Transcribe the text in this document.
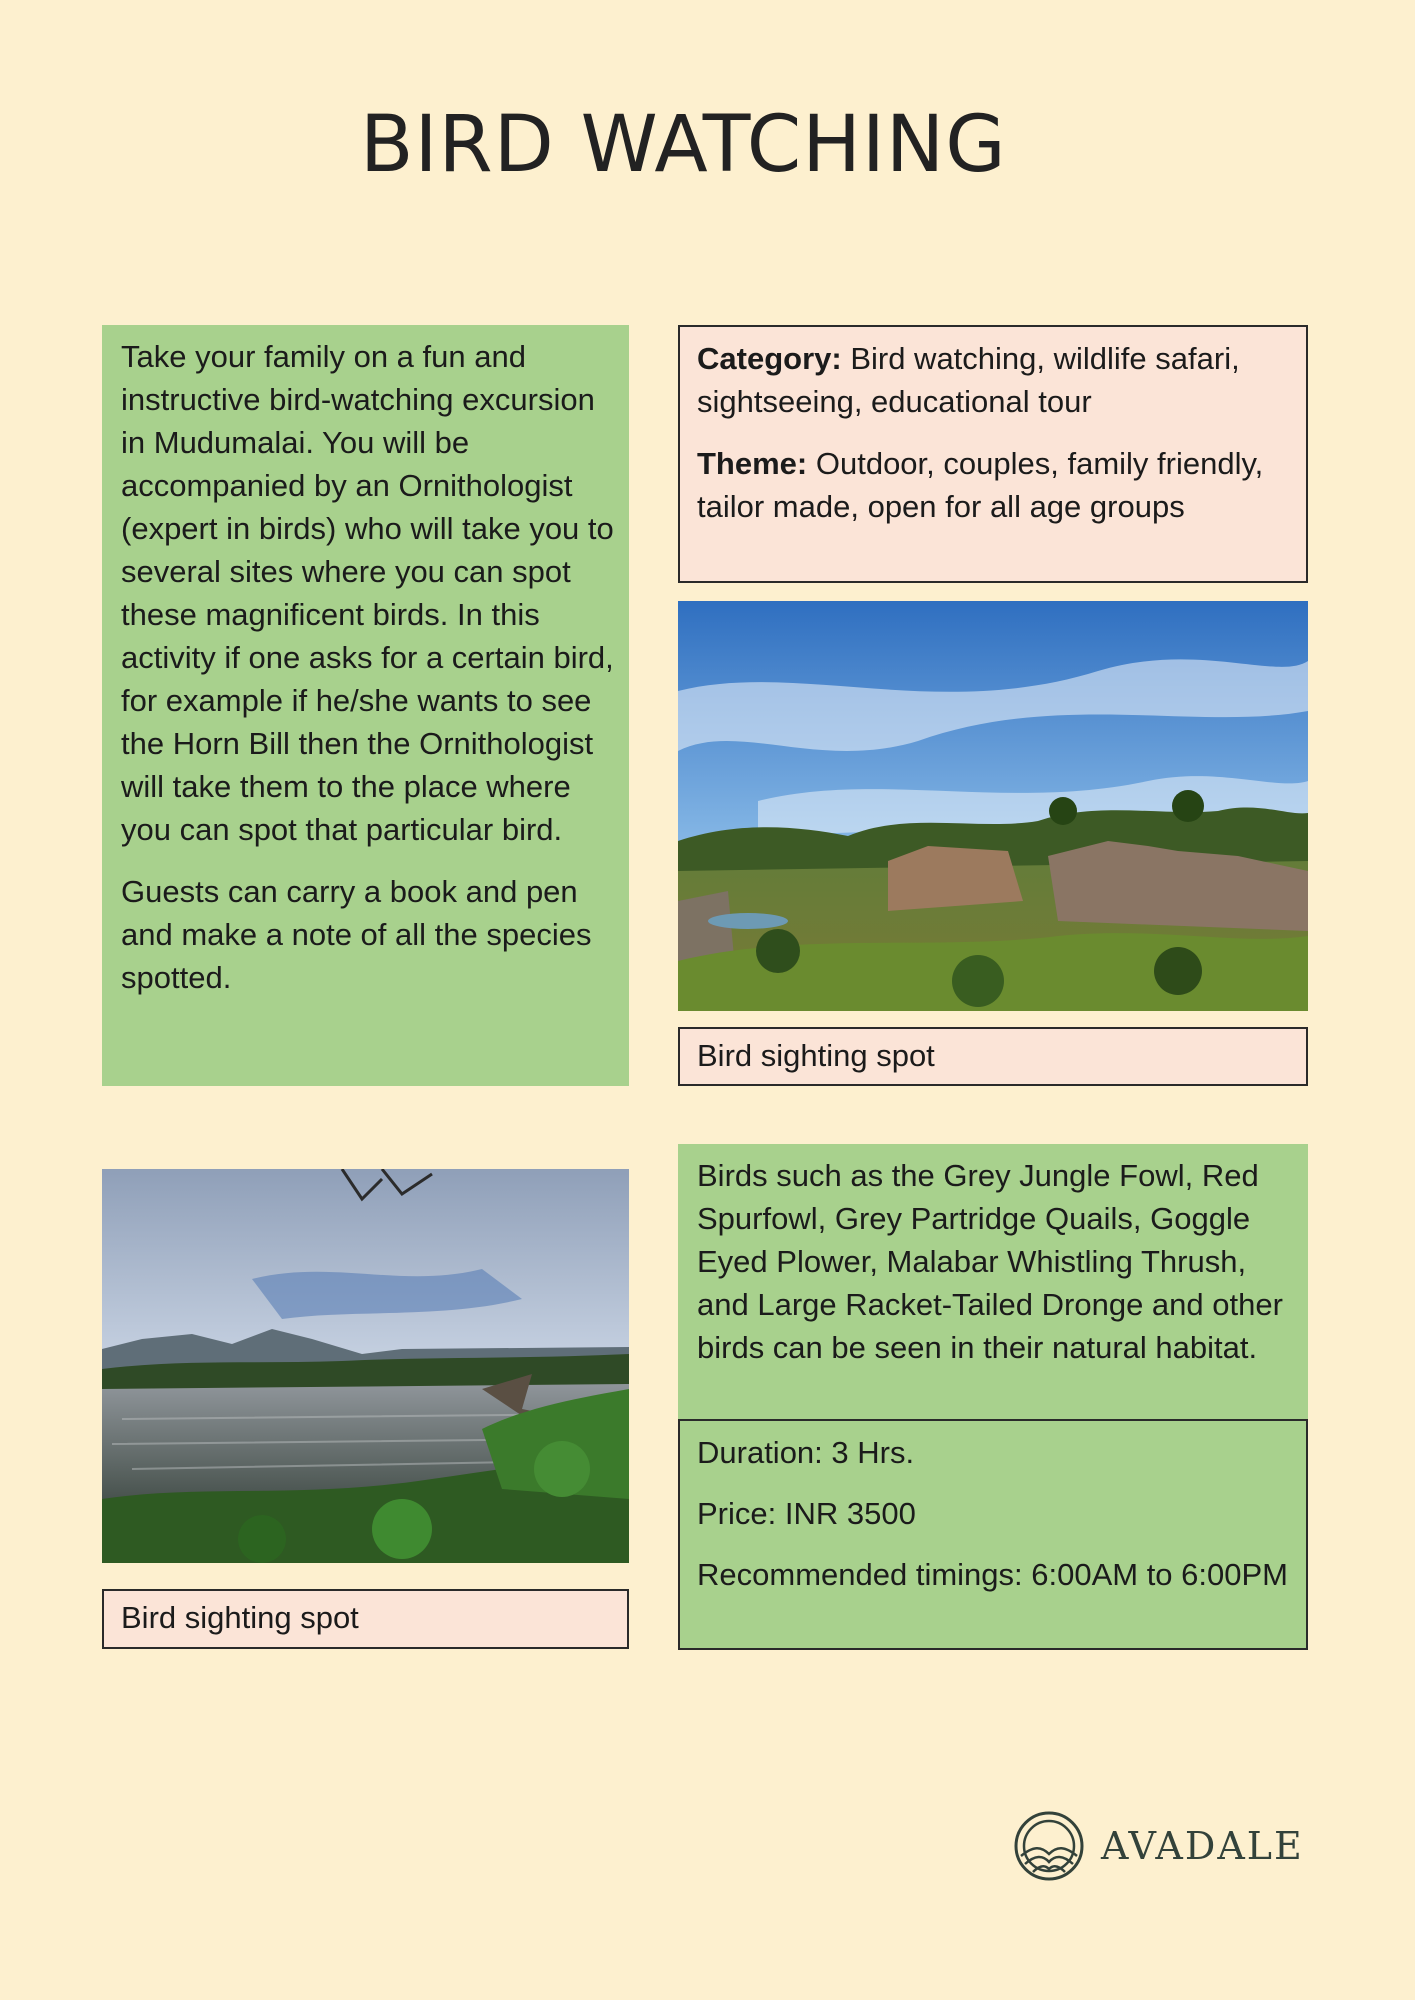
BIRD WATCHING

Take your family on a fun and instructive bird-watching excursion in Mudumalai. You will be accompanied by an Ornithologist (expert in birds) who will take you to several sites where you can spot these magnificent birds. In this activity if one asks for a certain bird, for example if he/she wants to see the Horn Bill then the Ornithologist will take them to the place where you can spot that particular bird.

Guests can carry a book and pen and make a note of all the species spotted.

Category: Bird watching, wildlife safari, sightseeing, educational tour

Theme: Outdoor, couples, family friendly, tailor made, open for all age groups

Bird sighting spot
Bird sighting spot

Birds such as the Grey Jungle Fowl, Red Spurfowl, Grey Partridge Quails, Goggle Eyed Plower, Malabar Whistling Thrush, and Large Racket-Tailed Dronge and other birds can be seen in their natural habitat.

Duration: 3 Hrs.

Price: INR 3500

Recommended timings: 6:00AM to 6:00PM

AVADALE
